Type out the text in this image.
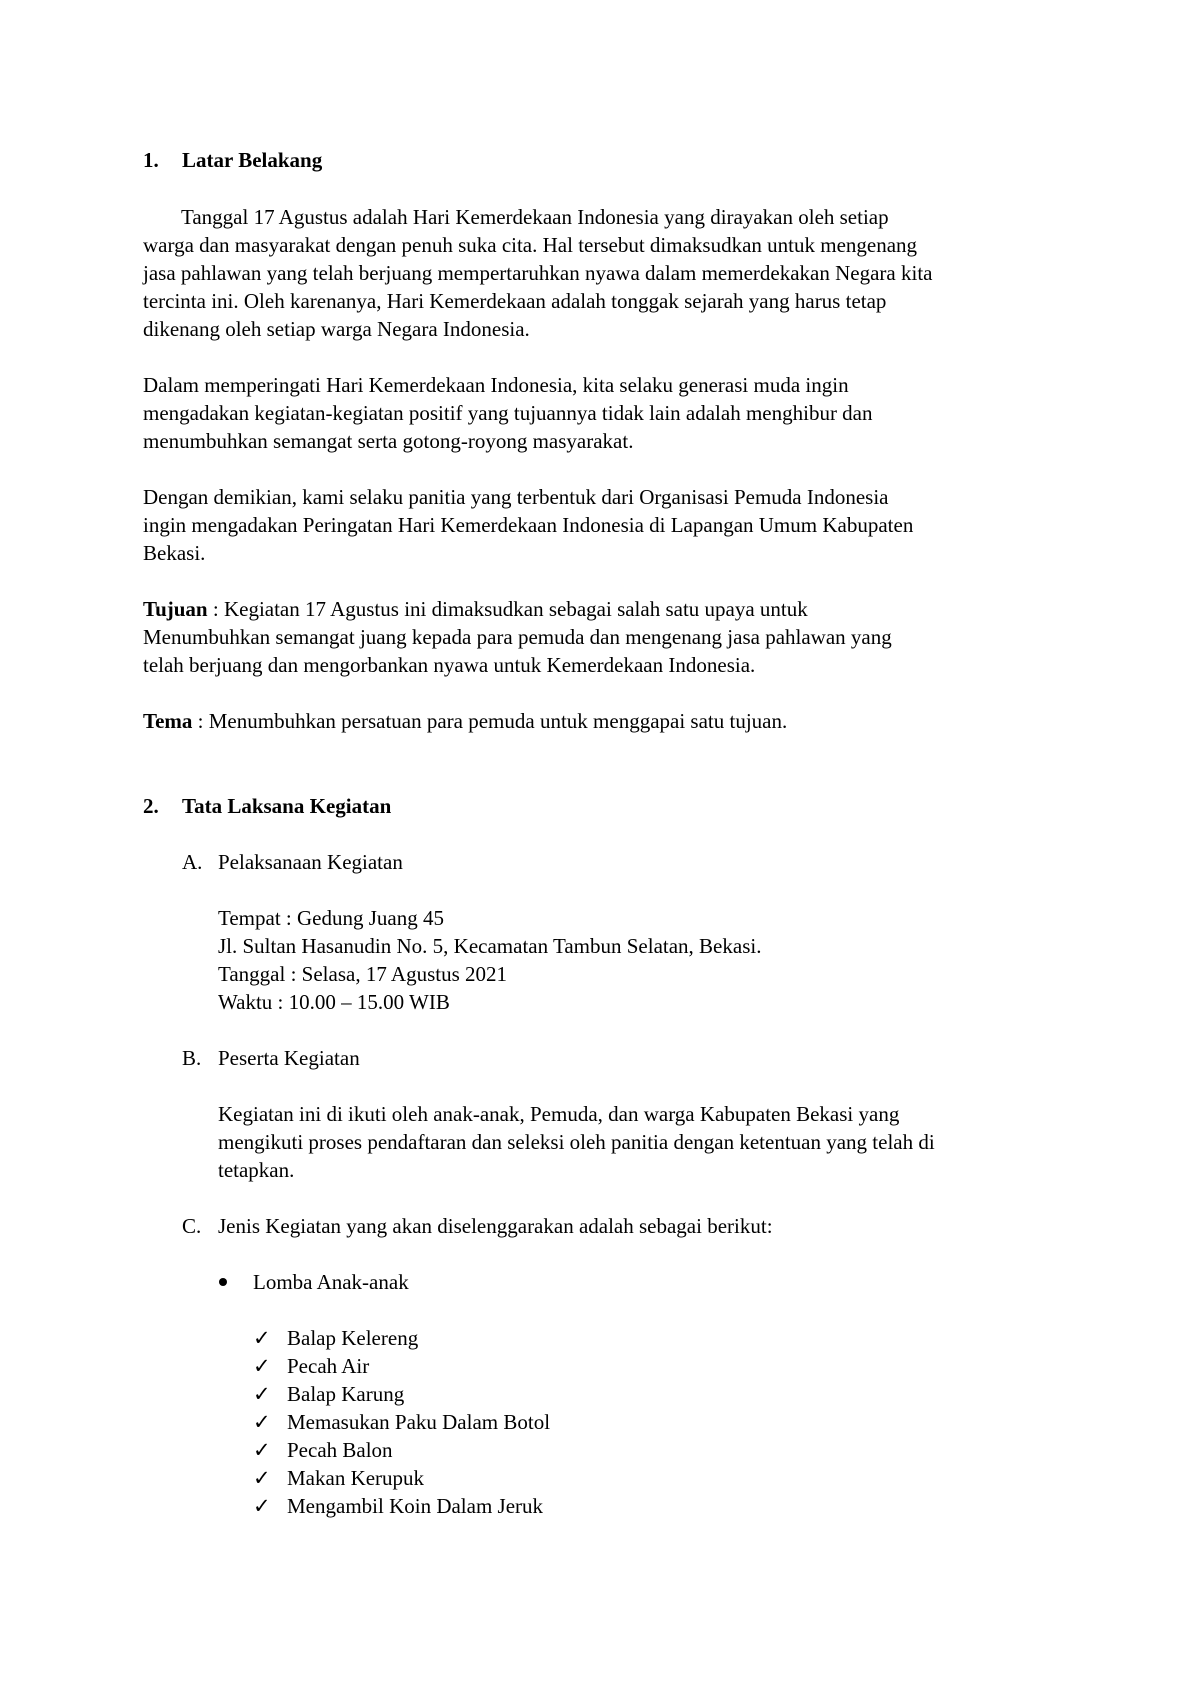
1. Latar Belakang
Tanggal 17 Agustus adalah Hari Kemerdekaan Indonesia yang dirayakan oleh setiap
warga dan masyarakat dengan penuh suka cita. Hal tersebut dimaksudkan untuk mengenang
jasa pahlawan yang telah berjuang mempertaruhkan nyawa dalam memerdekakan Negara kita
tercinta ini. Oleh karenanya, Hari Kemerdekaan adalah tonggak sejarah yang harus tetap
dikenang oleh setiap warga Negara Indonesia.
Dalam memperingati Hari Kemerdekaan Indonesia, kita selaku generasi muda ingin
mengadakan kegiatan-kegiatan positif yang tujuannya tidak lain adalah menghibur dan
menumbuhkan semangat serta gotong-royong masyarakat.
Dengan demikian, kami selaku panitia yang terbentuk dari Organisasi Pemuda Indonesia
ingin mengadakan Peringatan Hari Kemerdekaan Indonesia di Lapangan Umum Kabupaten
Bekasi.
Tujuan : Kegiatan 17 Agustus ini dimaksudkan sebagai salah satu upaya untuk
Menumbuhkan semangat juang kepada para pemuda dan mengenang jasa pahlawan yang
telah berjuang dan mengorbankan nyawa untuk Kemerdekaan Indonesia.
Tema : Menumbuhkan persatuan para pemuda untuk menggapai satu tujuan.
2. Tata Laksana Kegiatan
A. Pelaksanaan Kegiatan
Tempat : Gedung Juang 45
Jl. Sultan Hasanudin No. 5, Kecamatan Tambun Selatan, Bekasi.
Tanggal : Selasa, 17 Agustus 2021
Waktu : 10.00 – 15.00 WIB
B. Peserta Kegiatan
Kegiatan ini di ikuti oleh anak-anak, Pemuda, dan warga Kabupaten Bekasi yang
mengikuti proses pendaftaran dan seleksi oleh panitia dengan ketentuan yang telah di
tetapkan.
C. Jenis Kegiatan yang akan diselenggarakan adalah sebagai berikut:
Lomba Anak-anak
✓ Balap Kelereng
✓ Pecah Air
✓ Balap Karung
✓ Memasukan Paku Dalam Botol
✓ Pecah Balon
✓ Makan Kerupuk
✓ Mengambil Koin Dalam Jeruk
